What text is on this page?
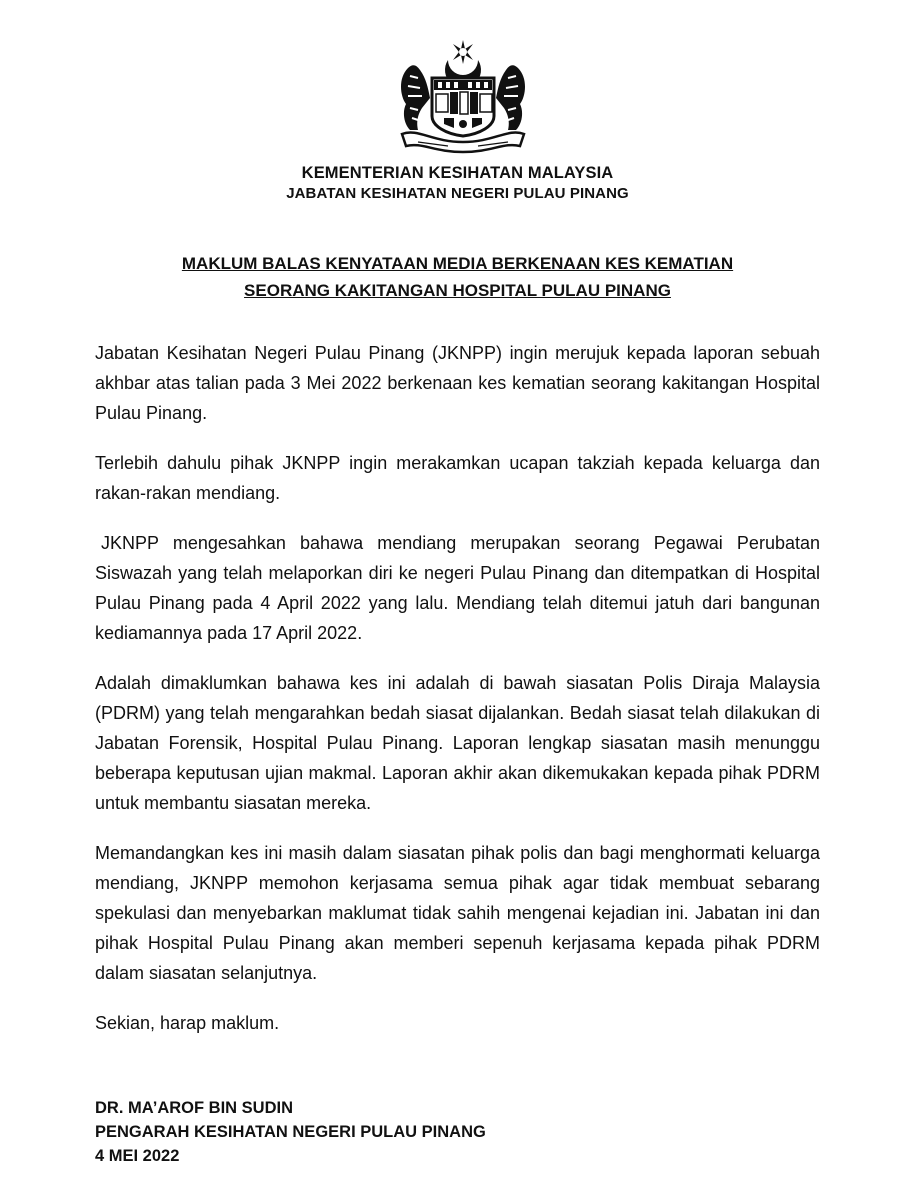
KEMENTERIAN KESIHATAN MALAYSIA
JABATAN KESIHATAN NEGERI PULAU PINANG
MAKLUM BALAS KENYATAAN MEDIA BERKENAAN KES KEMATIAN
SEORANG KAKITANGAN HOSPITAL PULAU PINANG

Jabatan Kesihatan Negeri Pulau Pinang (JKNPP) ingin merujuk kepada laporan sebuah akhbar atas talian pada 3 Mei 2022 berkenaan kes kematian seorang kakitangan Hospital Pulau Pinang.

Terlebih dahulu pihak JKNPP ingin merakamkan ucapan takziah kepada keluarga dan rakan-rakan mendiang.

JKNPP mengesahkan bahawa mendiang merupakan seorang Pegawai Perubatan Siswazah yang telah melaporkan diri ke negeri Pulau Pinang dan ditempatkan di Hospital Pulau Pinang pada 4 April 2022 yang lalu. Mendiang telah ditemui jatuh dari bangunan kediamannya pada 17 April 2022.

Adalah dimaklumkan bahawa kes ini adalah di bawah siasatan Polis Diraja Malaysia (PDRM) yang telah mengarahkan bedah siasat dijalankan. Bedah siasat telah dilakukan di Jabatan Forensik, Hospital Pulau Pinang. Laporan lengkap siasatan masih menunggu beberapa keputusan ujian makmal. Laporan akhir akan dikemukakan kepada pihak PDRM untuk membantu siasatan mereka.

Memandangkan kes ini masih dalam siasatan pihak polis dan bagi menghormati keluarga mendiang, JKNPP memohon kerjasama semua pihak agar tidak membuat sebarang spekulasi dan menyebarkan maklumat tidak sahih mengenai kejadian ini. Jabatan ini dan pihak Hospital Pulau Pinang akan memberi sepenuh kerjasama kepada pihak PDRM dalam siasatan selanjutnya.

Sekian, harap maklum.

DR. MA’AROF BIN SUDIN
PENGARAH KESIHATAN NEGERI PULAU PINANG
4 MEI 2022
